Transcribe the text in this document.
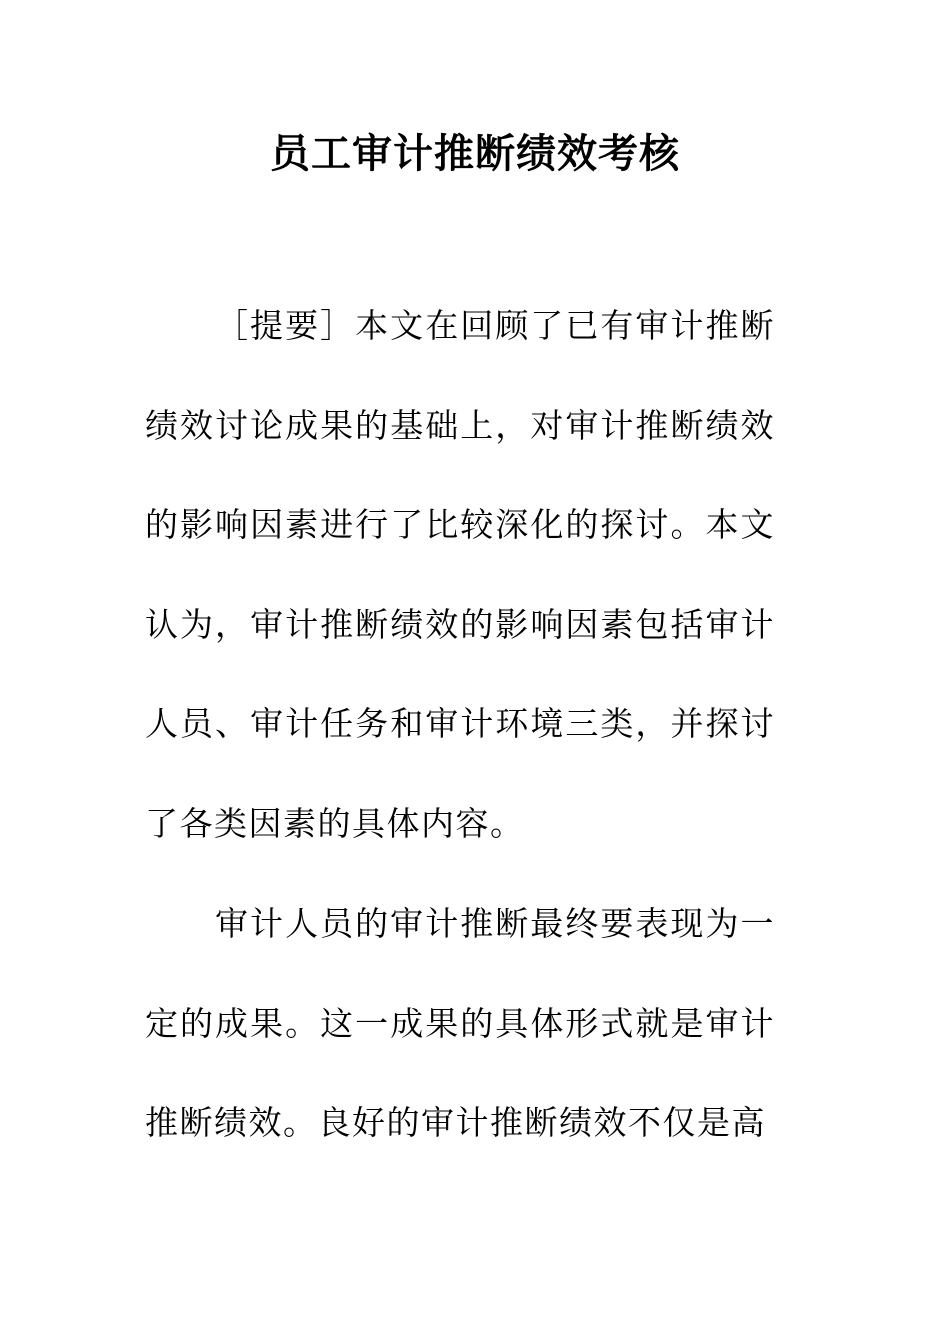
员工审计推断绩效考核

［提要］本文在回顾了已有审计推断绩效讨论成果的基础上，对审计推断绩效的影响因素进行了比较深化的探讨。本文认为，审计推断绩效的影响因素包括审计人员、审计任务和审计环境三类，并探讨了各类因素的具体内容。

审计人员的审计推断最终要表现为一定的成果。这一成果的具体形式就是审计推断绩效。良好的审计推断绩效不仅是高
